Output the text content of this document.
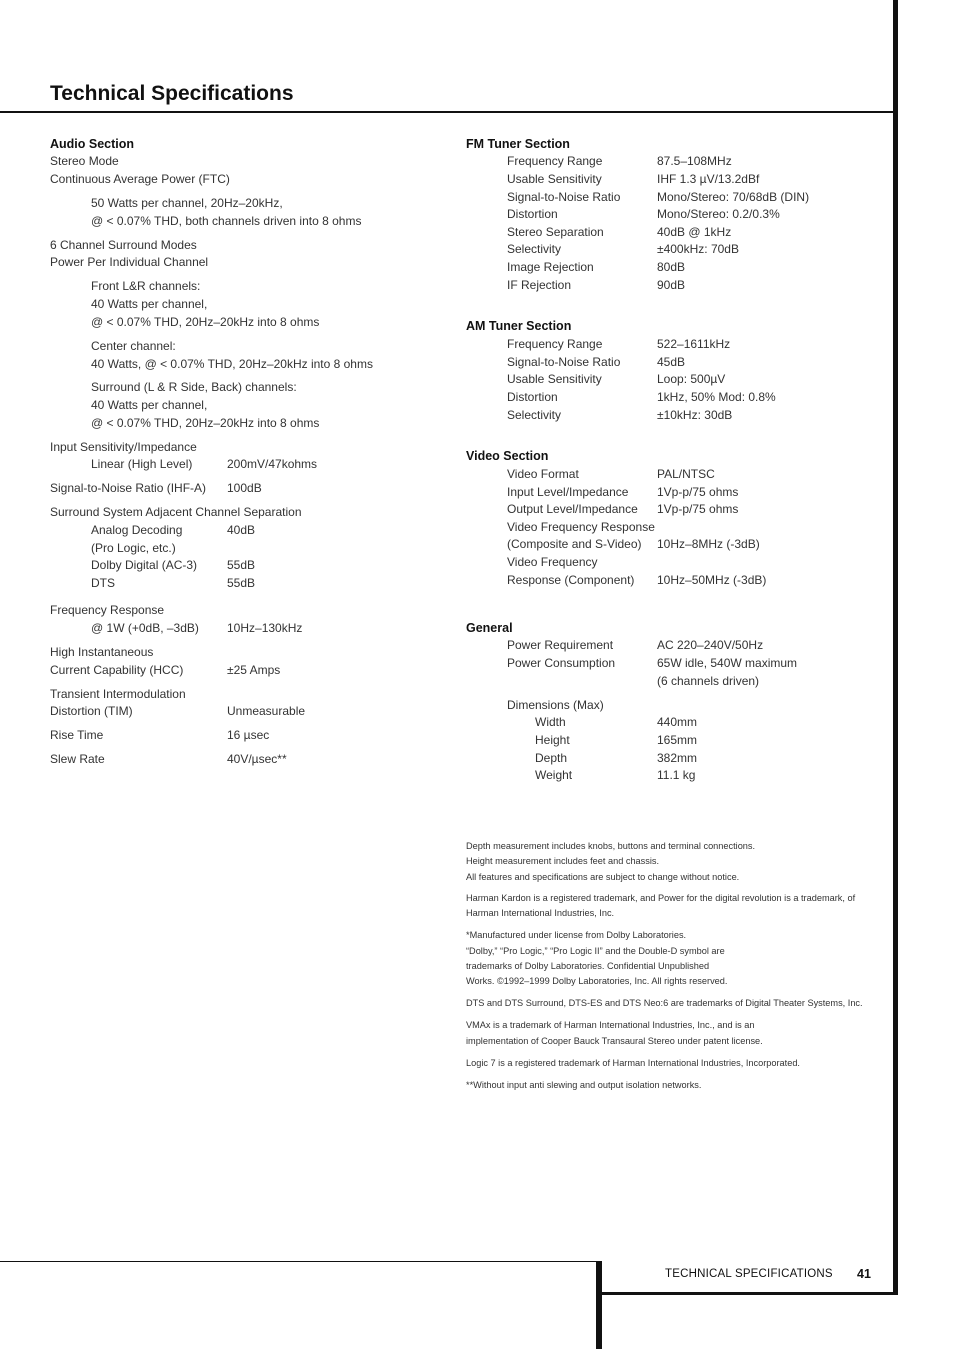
Technical Specifications
Audio Section
Stereo Mode
Continuous Average Power (FTC)
50 Watts per channel, 20Hz–20kHz,
@ < 0.07% THD, both channels driven into 8 ohms
6 Channel Surround Modes
Power Per Individual Channel
Front L&R channels:
40 Watts per channel,
@ < 0.07% THD, 20Hz–20kHz into 8 ohms
Center channel:
40 Watts, @ < 0.07% THD, 20Hz–20kHz into 8 ohms
Surround (L & R Side, Back) channels:
40 Watts per channel,
@ < 0.07% THD, 20Hz–20kHz into 8 ohms
Input Sensitivity/Impedance
Linear (High Level)	200mV/47kohms
Signal-to-Noise Ratio (IHF-A) 100dB
Surround System Adjacent Channel Separation
Analog Decoding	40dB
(Pro Logic, etc.)
Dolby Digital (AC-3) 55dB
DTS	55dB
Frequency Response
@ 1W (+0dB, –3dB) 10Hz–130kHz
High Instantaneous
Current Capability (HCC)	±25 Amps
Transient Intermodulation
Distortion (TIM)	Unmeasurable
Rise Time	16 µsec
Slew Rate	40V/µsec**
FM Tuner Section
Frequency Range	87.5–108MHz
Usable Sensitivity	IHF 1.3 µV/13.2dBf
Signal-to-Noise Ratio	Mono/Stereo: 70/68dB (DIN)
Distortion	Mono/Stereo: 0.2/0.3%
Stereo Separation	40dB @ 1kHz
Selectivity	±400kHz: 70dB
Image Rejection	80dB
IF Rejection	90dB
AM Tuner Section
Frequency Range	522–1611kHz
Signal-to-Noise Ratio	45dB
Usable Sensitivity	Loop: 500µV
Distortion	1kHz, 50% Mod: 0.8%
Selectivity	±10kHz: 30dB
Video Section
Video Format	PAL/NTSC
Input Level/Impedance 1Vp-p/75 ohms
Output Level/Impedance 1Vp-p/75 ohms
Video Frequency Response
(Composite and S-Video) 10Hz–8MHz (-3dB)
Video Frequency
Response (Component) 10Hz–50MHz (-3dB)
General
Power Requirement	AC 220–240V/50Hz
Power Consumption	65W idle, 540W maximum
(6 channels driven)
Dimensions (Max)
Width	440mm
Height	165mm
Depth	382mm
Weight	11.1 kg
Depth measurement includes knobs, buttons and terminal connections.
Height measurement includes feet and chassis.
All features and specifications are subject to change without notice.
Harman Kardon is a registered trademark, and Power for the digital revolution is a trademark, of
Harman International Industries, Inc.
*Manufactured under license from Dolby Laboratories.
“Dolby,” “Pro Logic,” “Pro Logic II” and the Double-D symbol are
trademarks of Dolby Laboratories. Confidential Unpublished
Works. ©1992–1999 Dolby Laboratories, Inc. All rights reserved.
DTS and DTS Surround, DTS-ES and DTS Neo:6 are trademarks of Digital Theater Systems, Inc.
VMAx is a trademark of Harman International Industries, Inc., and is an
implementation of Cooper Bauck Transaural Stereo under patent license.
Logic 7 is a registered trademark of Harman International Industries, Incorporated.
**Without input anti slewing and output isolation networks.
TECHNICAL SPECIFICATIONS 41
